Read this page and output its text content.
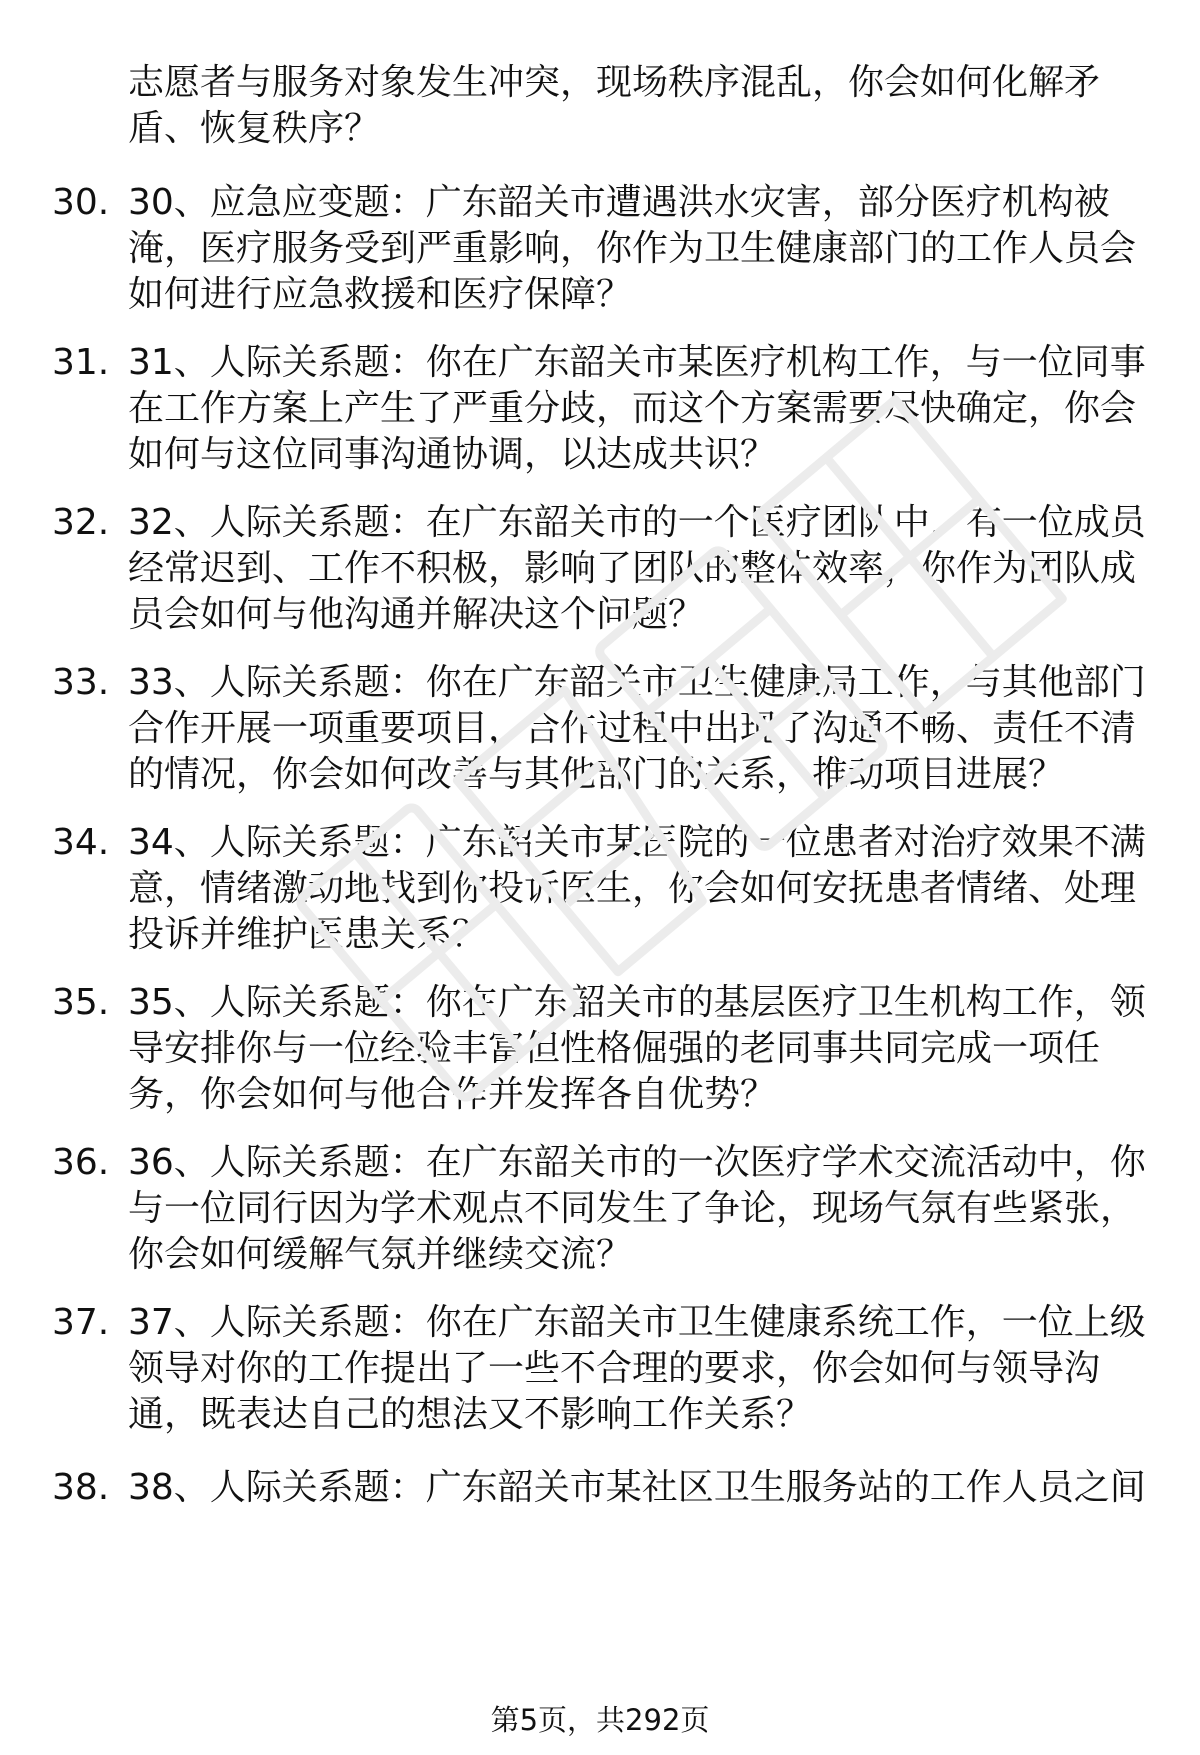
志愿者与服务对象发生冲突，现场秩序混乱，你会如何化解矛盾、恢复秩序？

30. 30、应急应变题：广东韶关市遭遇洪水灾害，部分医疗机构被淹，医疗服务受到严重影响，你作为卫生健康部门的工作人员会如何进行应急救援和医疗保障？

31. 31、人际关系题：你在广东韶关市某医疗机构工作，与一位同事在工作方案上产生了严重分歧，而这个方案需要尽快确定，你会如何与这位同事沟通协调，以达成共识？

32. 32、人际关系题：在广东韶关市的一个医疗团队中，有一位成员经常迟到、工作不积极，影响了团队的整体效率，你作为团队成员会如何与他沟通并解决这个问题？

33. 33、人际关系题：你在广东韶关市卫生健康局工作，与其他部门合作开展一项重要项目，合作过程中出现了沟通不畅、责任不清的情况，你会如何改善与其他部门的关系，推动项目进展？

34. 34、人际关系题：广东韶关市某医院的一位患者对治疗效果不满意，情绪激动地找到你投诉医生，你会如何安抚患者情绪、处理投诉并维护医患关系？

35. 35、人际关系题：你在广东韶关市的基层医疗卫生机构工作，领导安排你与一位经验丰富但性格倔强的老同事共同完成一项任务，你会如何与他合作并发挥各自优势？

36. 36、人际关系题：在广东韶关市的一次医疗学术交流活动中，你与一位同行因为学术观点不同发生了争论，现场气氛有些紧张，你会如何缓解气氛并继续交流？

37. 37、人际关系题：你在广东韶关市卫生健康系统工作，一位上级领导对你的工作提出了一些不合理的要求，你会如何与领导沟通，既表达自己的想法又不影响工作关系？

38. 38、人际关系题：广东韶关市某社区卫生服务站的工作人员之间

第5页，共292页
